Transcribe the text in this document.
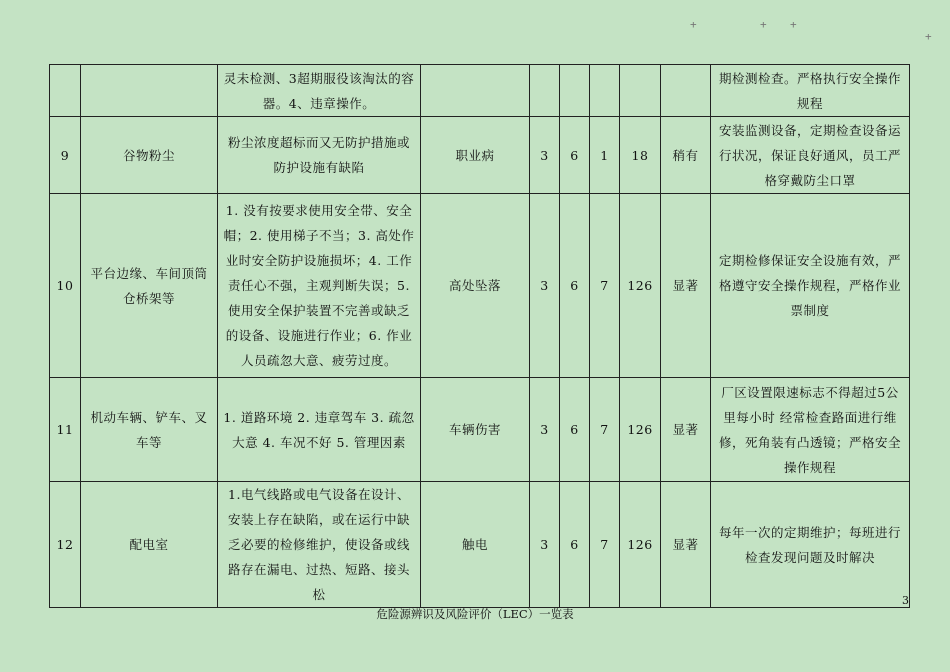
+	+ +
+
		灵未检测、3超期服役该淘汰的容器。4、违章操作。							期检测检查。严格执行安全操作规程
9	谷物粉尘	粉尘浓度超标而又无防护措施或防护设施有缺陷	职业病	3	6	1	18	稍有	安装监测设备，定期检查设备运行状况，保证良好通风，员工严格穿戴防尘口罩
10	平台边缘、车间顶筒仓桥架等	1. 没有按要求使用安全带、安全帽；2. 使用梯子不当；3. 高处作业时安全防护设施损坏；4. 工作责任心不强，主观判断失误；5. 使用安全保护装置不完善或缺乏的设备、设施进行作业；6. 作业人员疏忽大意、疲劳过度。	高处坠落	3	6	7	126	显著	定期检修保证安全设施有效，严格遵守安全操作规程，严格作业票制度
11	机动车辆、铲车、叉车等	1. 道路环境 2. 违章驾车 3. 疏忽大意 4. 车况不好 5. 管理因素	车辆伤害	3	6	7	126	显著	厂区设置限速标志不得超过5公里每小时 经常检查路面进行维修，死角装有凸透镜；严格安全操作规程
12	配电室	1.电气线路或电气设备在设计、安装上存在缺陷，或在运行中缺乏必要的检修维护，使设备或线路存在漏电、过热、短路、接头松	触电	3	6	7	126	显著	每年一次的定期维护；每班进行检查发现问题及时解决
3
危险源辨识及风险评价（LEC）一览表
